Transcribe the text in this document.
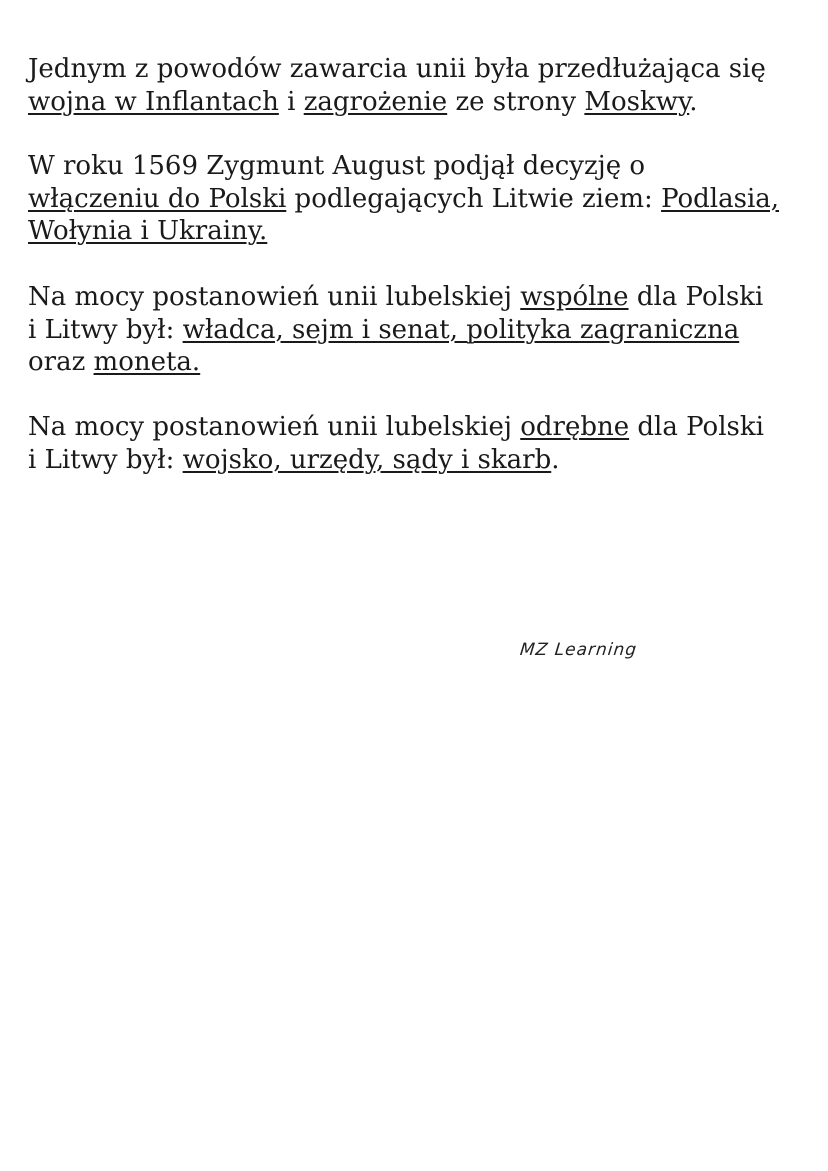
Jednym z powodów zawarcia unii była przedłużająca się
wojna w Inflantach i zagrożenie ze strony Moskwy.

W roku 1569 Zygmunt August podjął decyzję o
włączeniu do Polski podlegających Litwie ziem: Podlasia,
Wołynia i Ukrainy.

Na mocy postanowień unii lubelskiej wspólne dla Polski
i Litwy był: władca, sejm i senat, polityka zagraniczna
oraz moneta.

Na mocy postanowień unii lubelskiej odrębne dla Polski
i Litwy był: wojsko, urzędy, sądy i skarb.

MZ Learning
